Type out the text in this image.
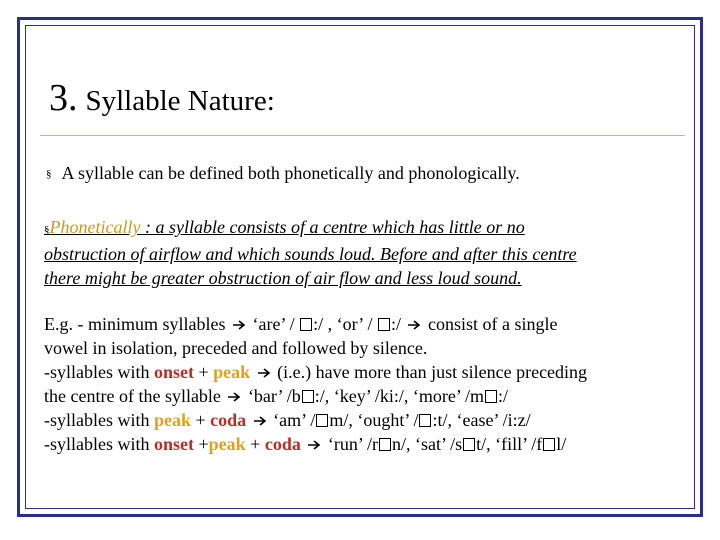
3. Syllable Nature:
§ A syllable can be defined both phonetically and phonologically.
§Phonetically : a syllable consists of a centre which has little or no
obstruction of airflow and which sounds loud. Before and after this centre
there might be greater obstruction of air flow and less loud sound.
E.g. - minimum syllables  ‘are’ / :/ , ‘or’ / :/  consist of a single
vowel in isolation, preceded and followed by silence.
-syllables with onset + peak  (i.e.) have more than just silence preceding
the centre of the syllable  ‘bar’ /b :/, ‘key’ /ki:/, ‘more’ /m :/
-syllables with peak + coda  ‘am’ / m/, ‘ought’ / :t/, ‘ease’ /i:z/
-syllables with onset +peak + coda  ‘run’ /r n/, ‘sat’ /s t/, ‘fill’ /f l/
